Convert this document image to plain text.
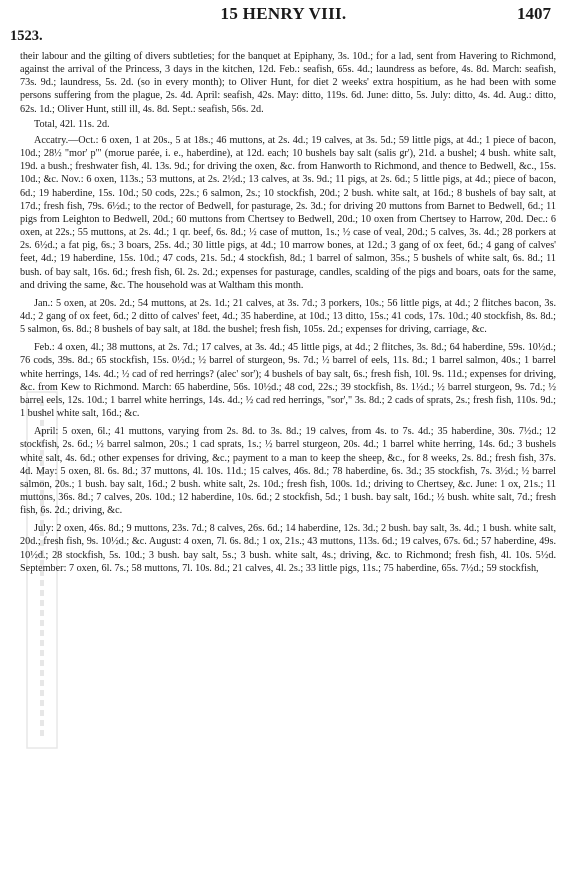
15 HENRY VIII.	1407
1523.

their labour and the gilting of divers subtleties; for the banquet at Epiphany, 3s. 10d.; for a lad, sent from Havering to Richmond, against the arrival of the Princess, 3 days in the kitchen, 12d. Feb.: seafish, 65s. 4d.; laundress as before, 4s. 8d. March: seafish, 73s. 9d.; laundress, 5s. 2d. (so in every month); to Oliver Hunt, for diet 2 weeks' extra hospitium, as he had been with some persons suffering from the plague, 2s. 4d. April: seafish, 42s. May: ditto, 119s. 6d. June: ditto, 5s. July: ditto, 4s. 4d. Aug.: ditto, 62s. 1d.; Oliver Hunt, still ill, 4s. 8d. Sept.: seafish, 56s. 2d.

Total, 42l. 11s. 2d.

Accatry.—Oct.: 6 oxen, 1 at 20s., 5 at 18s.; 46 muttons, at 2s. 4d.; 19 calves, at 3s. 5d.; 59 little pigs, at 4d.; 1 piece of bacon, 10d.; 28½ "mor' p'" (morue parée, i. e., haberdine), at 12d. each; 10 bushels bay salt (salis gr'), 21d. a bushel; 4 bush. white salt, 19d. a bush.; freshwater fish, 4l. 13s. 9d.; for driving the oxen, &c. from Hanworth to Richmond, and thence to Bedwell, &c., 15s. 10d.; &c. Nov.: 6 oxen, 113s.; 53 muttons, at 2s. 2½d.; 13 calves, at 3s. 9d.; 11 pigs, at 2s. 6d.; 5 little pigs, at 4d.; piece of bacon, 6d.; 19 haberdine, 15s. 10d.; 50 cods, 22s.; 6 salmon, 2s.; 10 stockfish, 20d.; 2 bush. white salt, at 16d.; 8 bushels of bay salt, at 17d.; fresh fish, 79s. 6½d.; to the rector of Bedwell, for pasturage, 2s. 3d.; for driving 20 muttons from Barnet to Bedwell, 6d.; 11 pigs from Leighton to Bedwell, 20d.; 60 muttons from Chertsey to Bedwell, 20d.; 10 oxen from Chertsey to Harrow, 20d. Dec.: 6 oxen, at 22s.; 55 muttons, at 2s. 4d.; 1 qr. beef, 6s. 8d.; ½ case of mutton, 1s.; ½ case of veal, 20d.; 5 calves, 3s. 4d.; 28 porkers at 2s. 6½d.; a fat pig, 6s.; 3 boars, 25s. 4d.; 30 little pigs, at 4d.; 10 marrow bones, at 12d.; 3 gang of ox feet, 6d.; 4 gang of calves' feet, 4d.; 19 haberdine, 15s. 10d.; 47 cods, 21s. 5d.; 4 stockfish, 8d.; 1 barrel of salmon, 35s.; 5 bushels of white salt, 6s. 8d.; 11 bush. of bay salt, 16s. 6d.; fresh fish, 6l. 2s. 2d.; expenses for pasturage, candles, scalding of the pigs and boars, oats for the same, and driving the same, &c. The household was at Waltham this month.

Jan.: 5 oxen, at 20s. 2d.; 54 muttons, at 2s. 1d.; 21 calves, at 3s. 7d.; 3 porkers, 10s.; 56 little pigs, at 4d.; 2 flitches bacon, 3s. 4d.; 2 gang of ox feet, 6d.; 2 ditto of calves' feet, 4d.; 35 haberdine, at 10d.; 13 ditto, 15s.; 41 cods, 17s. 10d.; 40 stockfish, 8s. 8d.; 5 salmon, 6s. 8d.; 8 bushels of bay salt, at 18d. the bushel; fresh fish, 105s. 2d.; expenses for driving, carriage, &c.

Feb.: 4 oxen, 4l.; 38 muttons, at 2s. 7d.; 17 calves, at 3s. 4d.; 45 little pigs, at 4d.; 2 flitches, 3s. 8d.; 64 haberdine, 59s. 10½d.; 76 cods, 39s. 8d.; 65 stockfish, 15s. 0½d.; ½ barrel of sturgeon, 9s. 7d.; ½ barrel of eels, 11s. 8d.; 1 barrel salmon, 40s.; 1 barrel white herrings, 14s. 4d.; ½ cad of red herrings? (alec' sor'); 4 bushels of bay salt, 6s.; fresh fish, 10l. 9s. 11d.; expenses for driving, &c. from Kew to Richmond. March: 65 haberdine, 56s. 10½d.; 48 cod, 22s.; 39 stockfish, 8s. 1½d.; ½ barrel sturgeon, 9s. 7d.; ½ barrel eels, 12s. 10d.; 1 barrel white herrings, 14s. 4d.; ½ cad red herrings, "sor'," 3s. 8d.; 2 cads of sprats, 2s.; fresh fish, 110s. 9d.; 1 bushel white salt, 16d.; &c.

April: 5 oxen, 6l.; 41 muttons, varying from 2s. 8d. to 3s. 8d.; 19 calves, from 4s. to 7s. 4d.; 35 haberdine, 30s. 7½d.; 12 stockfish, 2s. 6d.; ½ barrel salmon, 20s.; 1 cad sprats, 1s.; ½ barrel sturgeon, 20s. 4d.; 1 barrel white herring, 14s. 6d.; 3 bushels white salt, 4s. 6d.; other expenses for driving, &c.; payment to a man to keep the sheep, &c., for 8 weeks, 2s. 8d.; fresh fish, 37s. 4d. May: 5 oxen, 8l. 6s. 8d.; 37 muttons, 4l. 10s. 11d.; 15 calves, 46s. 8d.; 78 haberdine, 6s. 3d.; 35 stockfish, 7s. 3½d.; ½ barrel salmon, 20s.; 1 bush. bay salt, 16d.; 2 bush. white salt, 2s. 10d.; fresh fish, 100s. 1d.; driving to Chertsey, &c. June: 1 ox, 21s.; 11 muttons, 36s. 8d.; 7 calves, 20s. 10d.; 12 haberdine, 10s. 6d.; 2 stockfish, 5d.; 1 bush. bay salt, 16d.; ½ bush. white salt, 7d.; fresh fish, 6s. 2d.; driving, &c.

July: 2 oxen, 46s. 8d.; 9 muttons, 23s. 7d.; 8 calves, 26s. 6d.; 14 haberdine, 12s. 3d.; 2 bush. bay salt, 3s. 4d.; 1 bush. white salt, 20d.; fresh fish, 9s. 10½d.; &c. August: 4 oxen, 7l. 6s. 8d.; 1 ox, 21s.; 43 muttons, 113s. 6d.; 19 calves, 67s. 6d.; 57 haberdine, 49s. 10½d.; 28 stockfish, 5s. 10d.; 3 bush. bay salt, 5s.; 3 bush. white salt, 4s.; driving, &c. to Richmond; fresh fish, 4l. 10s. 5½d. September: 7 oxen, 6l. 7s.; 58 muttons, 7l. 10s. 8d.; 21 calves, 4l. 2s.; 33 little pigs, 11s.; 75 haberdine, 65s. 7½d.; 59 stockfish,
